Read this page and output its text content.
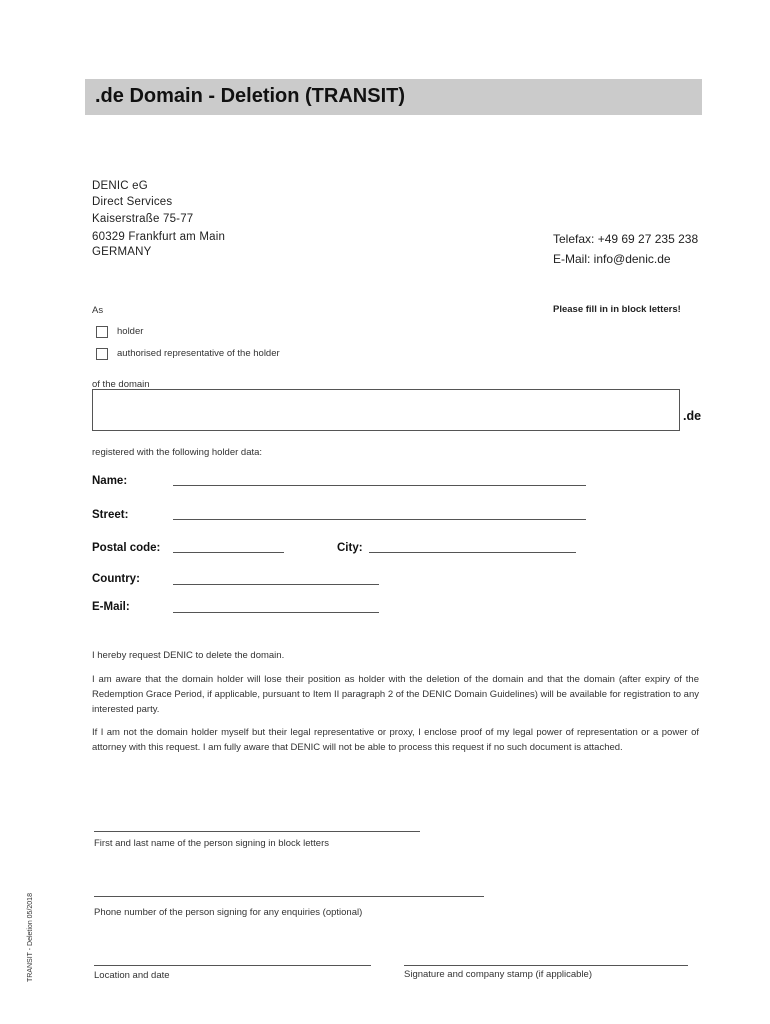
.de Domain - Deletion (TRANSIT)
DENIC eG
Direct Services
Kaiserstraße 75-77
60329 Frankfurt am Main
GERMANY
Telefax: +49 69 27 235 238
E-Mail: info@denic.de
As	Please fill in in block letters!
holder
authorised representative of the holder
of the domain
.de
registered with the following holder data:
Name:
Street:
Postal code:	City:
Country:
E-Mail:
I hereby request DENIC to delete the domain.
I am aware that the domain holder will lose their position as holder with the deletion of the domain and that the domain (after expiry of the Redemption Grace Period, if applicable, pursuant to Item II paragraph 2 of the DENIC Domain Guidelines) will be available for registration to any interested party.
If I am not the domain holder myself but their legal representative or proxy, I enclose proof of my legal power of representation or a power of attorney with this request. I am fully aware that DENIC will not be able to process this request if no such document is attached.
First and last name of the person signing in block letters
Phone number of the person signing for any enquiries (optional)
Location and date	Signature and company stamp (if applicable)
TRANSIT - Deletion 05/2018
